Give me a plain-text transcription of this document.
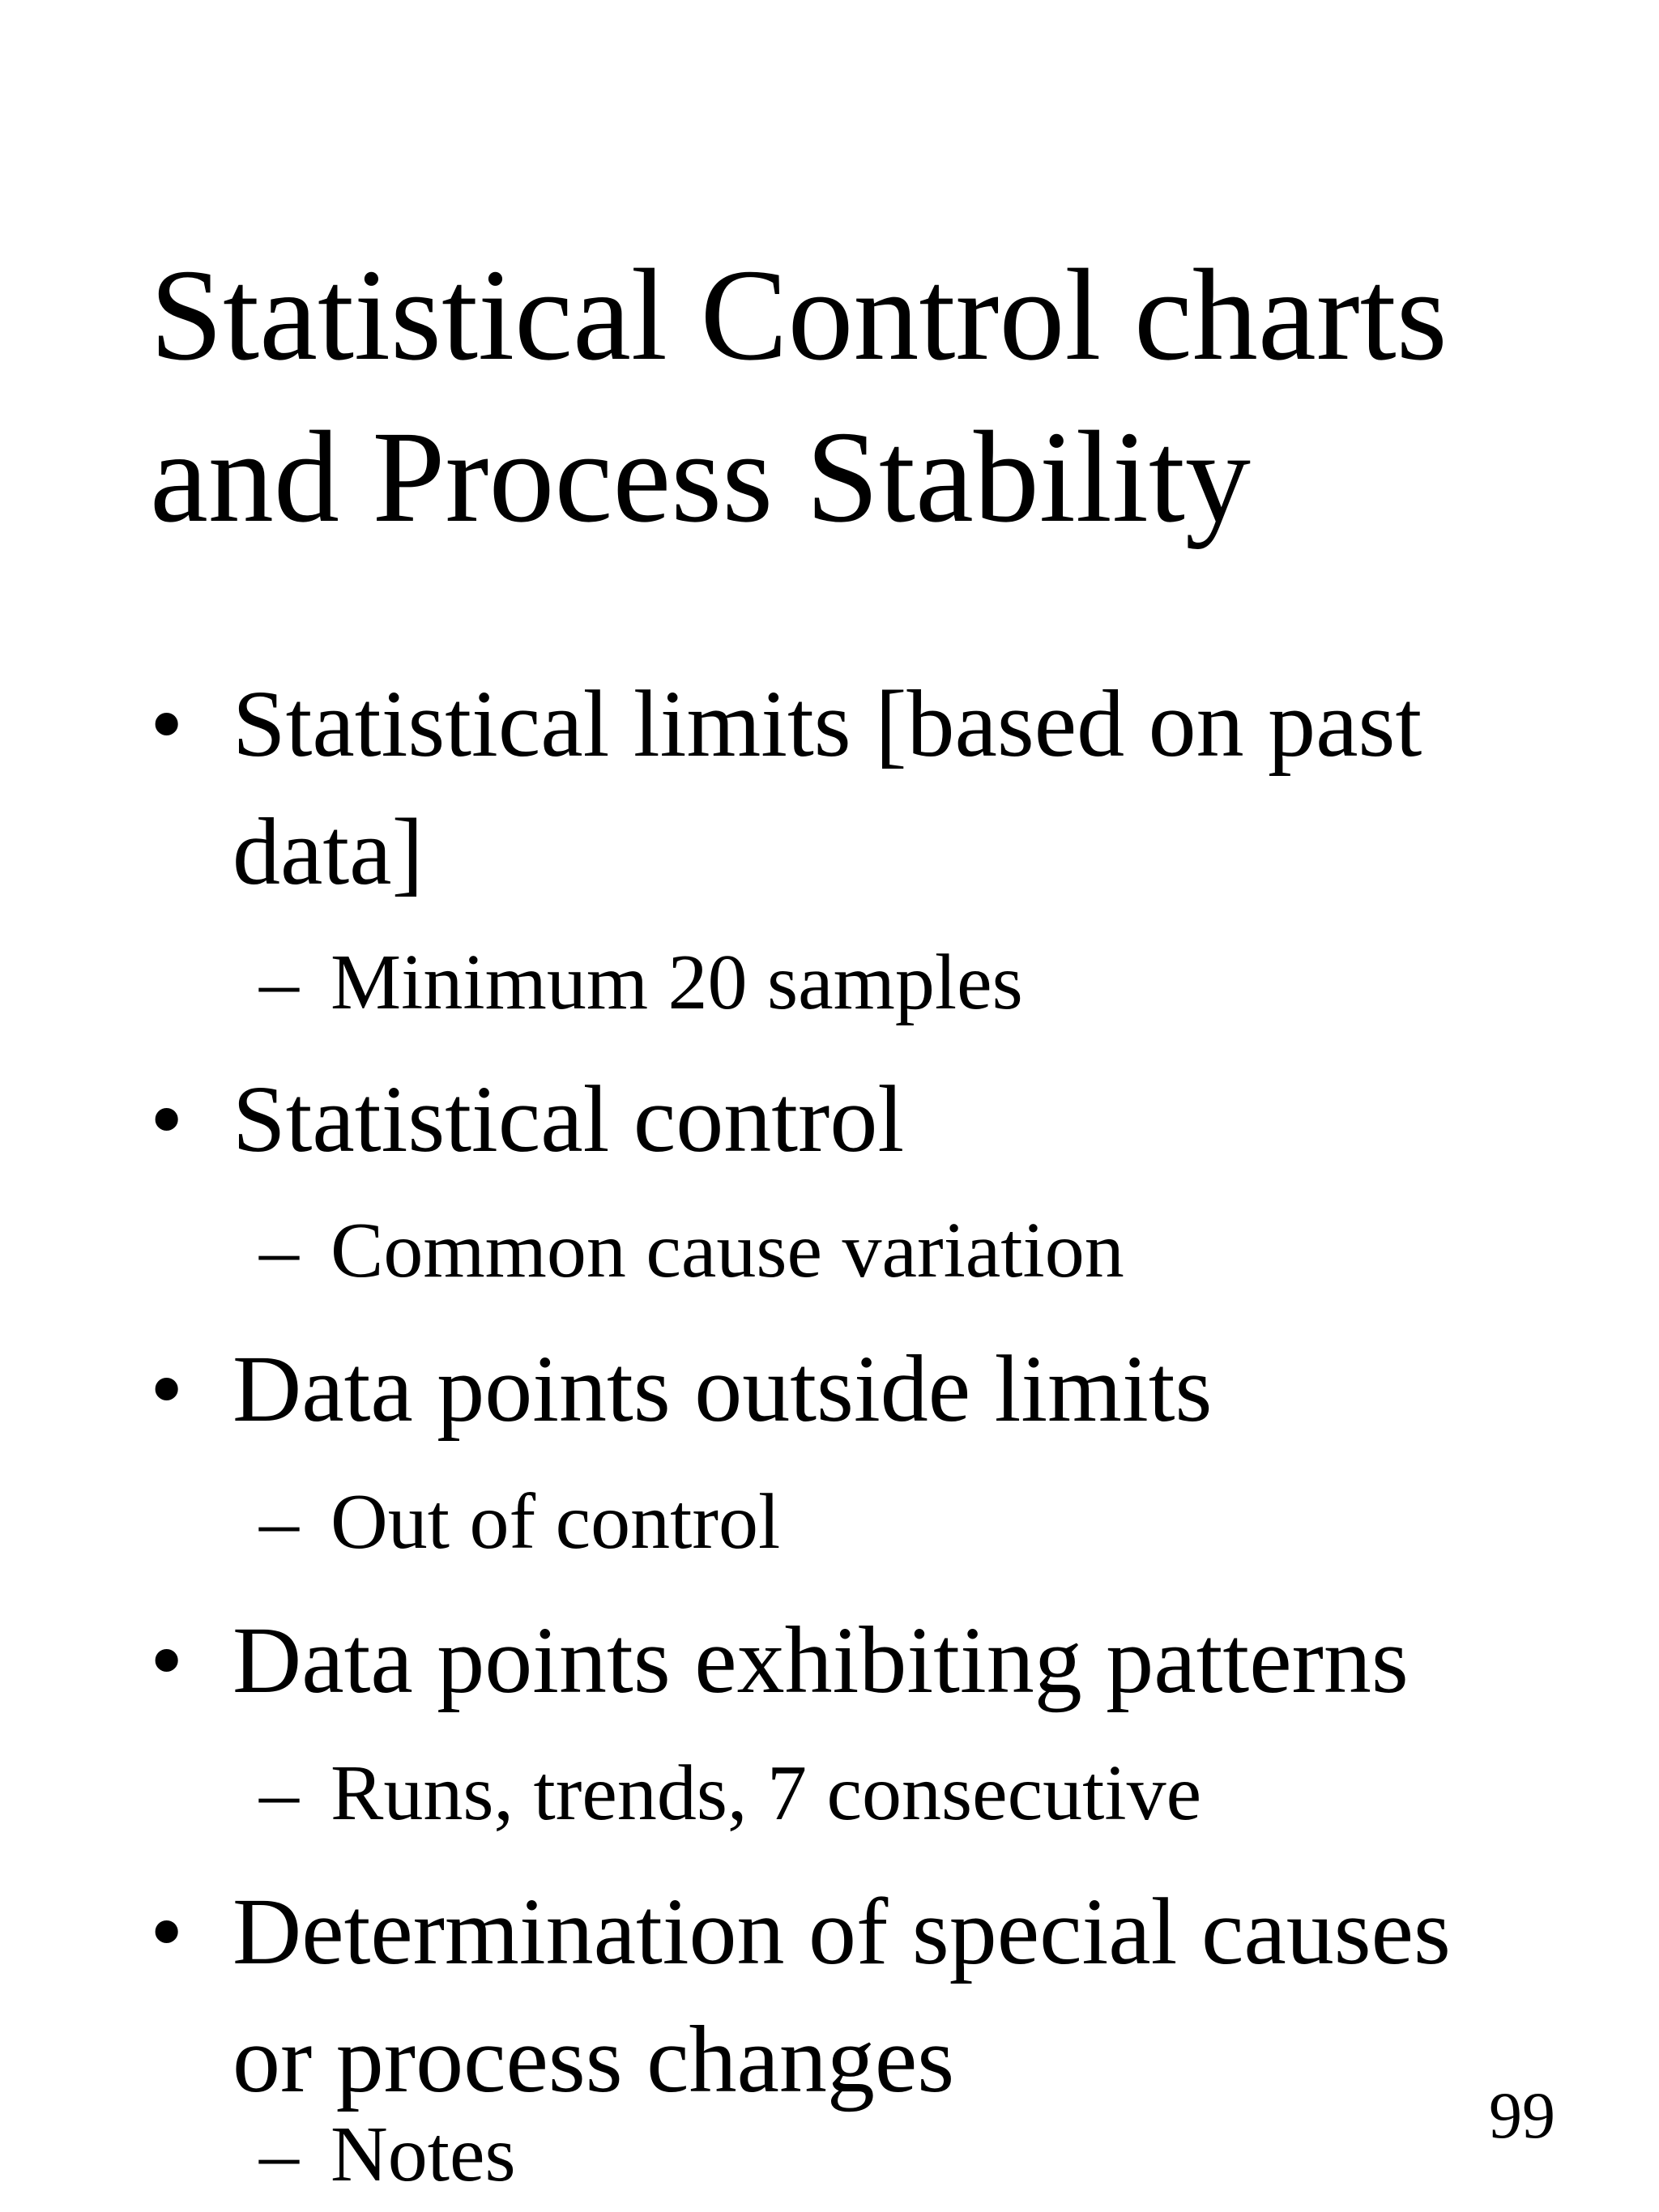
Statistical Control charts
and Process Stability
• Statistical limits [based on past
data]
– Minimum 20 samples
• Statistical control
– Common cause variation
• Data points outside limits
– Out of control
• Data points exhibiting patterns
– Runs, trends, 7 consecutive
• Determination of special causes
or process changes
– Notes	99
